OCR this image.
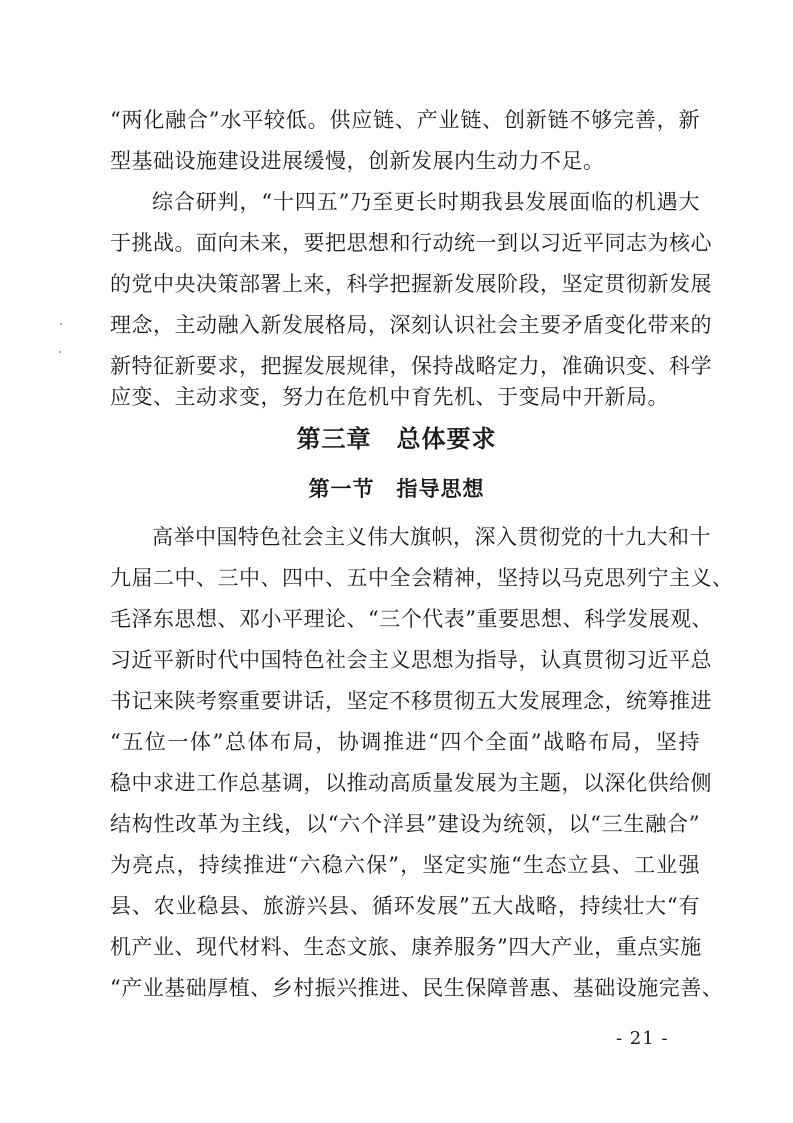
“两化融合”水平较低。供应链、产业链、创新链不够完善，新
型基础设施建设进展缓慢，创新发展内生动力不足。
综合研判，“十四五”乃至更长时期我县发展面临的机遇大
于挑战。面向未来，要把思想和行动统一到以习近平同志为核心
的党中央决策部署上来，科学把握新发展阶段，坚定贯彻新发展
理念，主动融入新发展格局，深刻认识社会主要矛盾变化带来的
新特征新要求，把握发展规律，保持战略定力，准确识变、科学
应变、主动求变，努力在危机中育先机、于变局中开新局。
第三章　总体要求
第一节　指导思想
高举中国特色社会主义伟大旗帜，深入贯彻党的十九大和十
九届二中、三中、四中、五中全会精神，坚持以马克思列宁主义、
毛泽东思想、邓小平理论、“三个代表”重要思想、科学发展观、
习近平新时代中国特色社会主义思想为指导，认真贯彻习近平总
书记来陕考察重要讲话，坚定不移贯彻五大发展理念，统筹推进
“五位一体”总体布局，协调推进“四个全面”战略布局，坚持
稳中求进工作总基调，以推动高质量发展为主题，以深化供给侧
结构性改革为主线，以“六个洋县”建设为统领，以“三生融合”
为亮点，持续推进“六稳六保”，坚定实施“生态立县、工业强
县、农业稳县、旅游兴县、循环发展”五大战略，持续壮大“有
机产业、现代材料、生态文旅、康养服务”四大产业，重点实施
“产业基础厚植、乡村振兴推进、民生保障普惠、基础设施完善、
- 21 -
